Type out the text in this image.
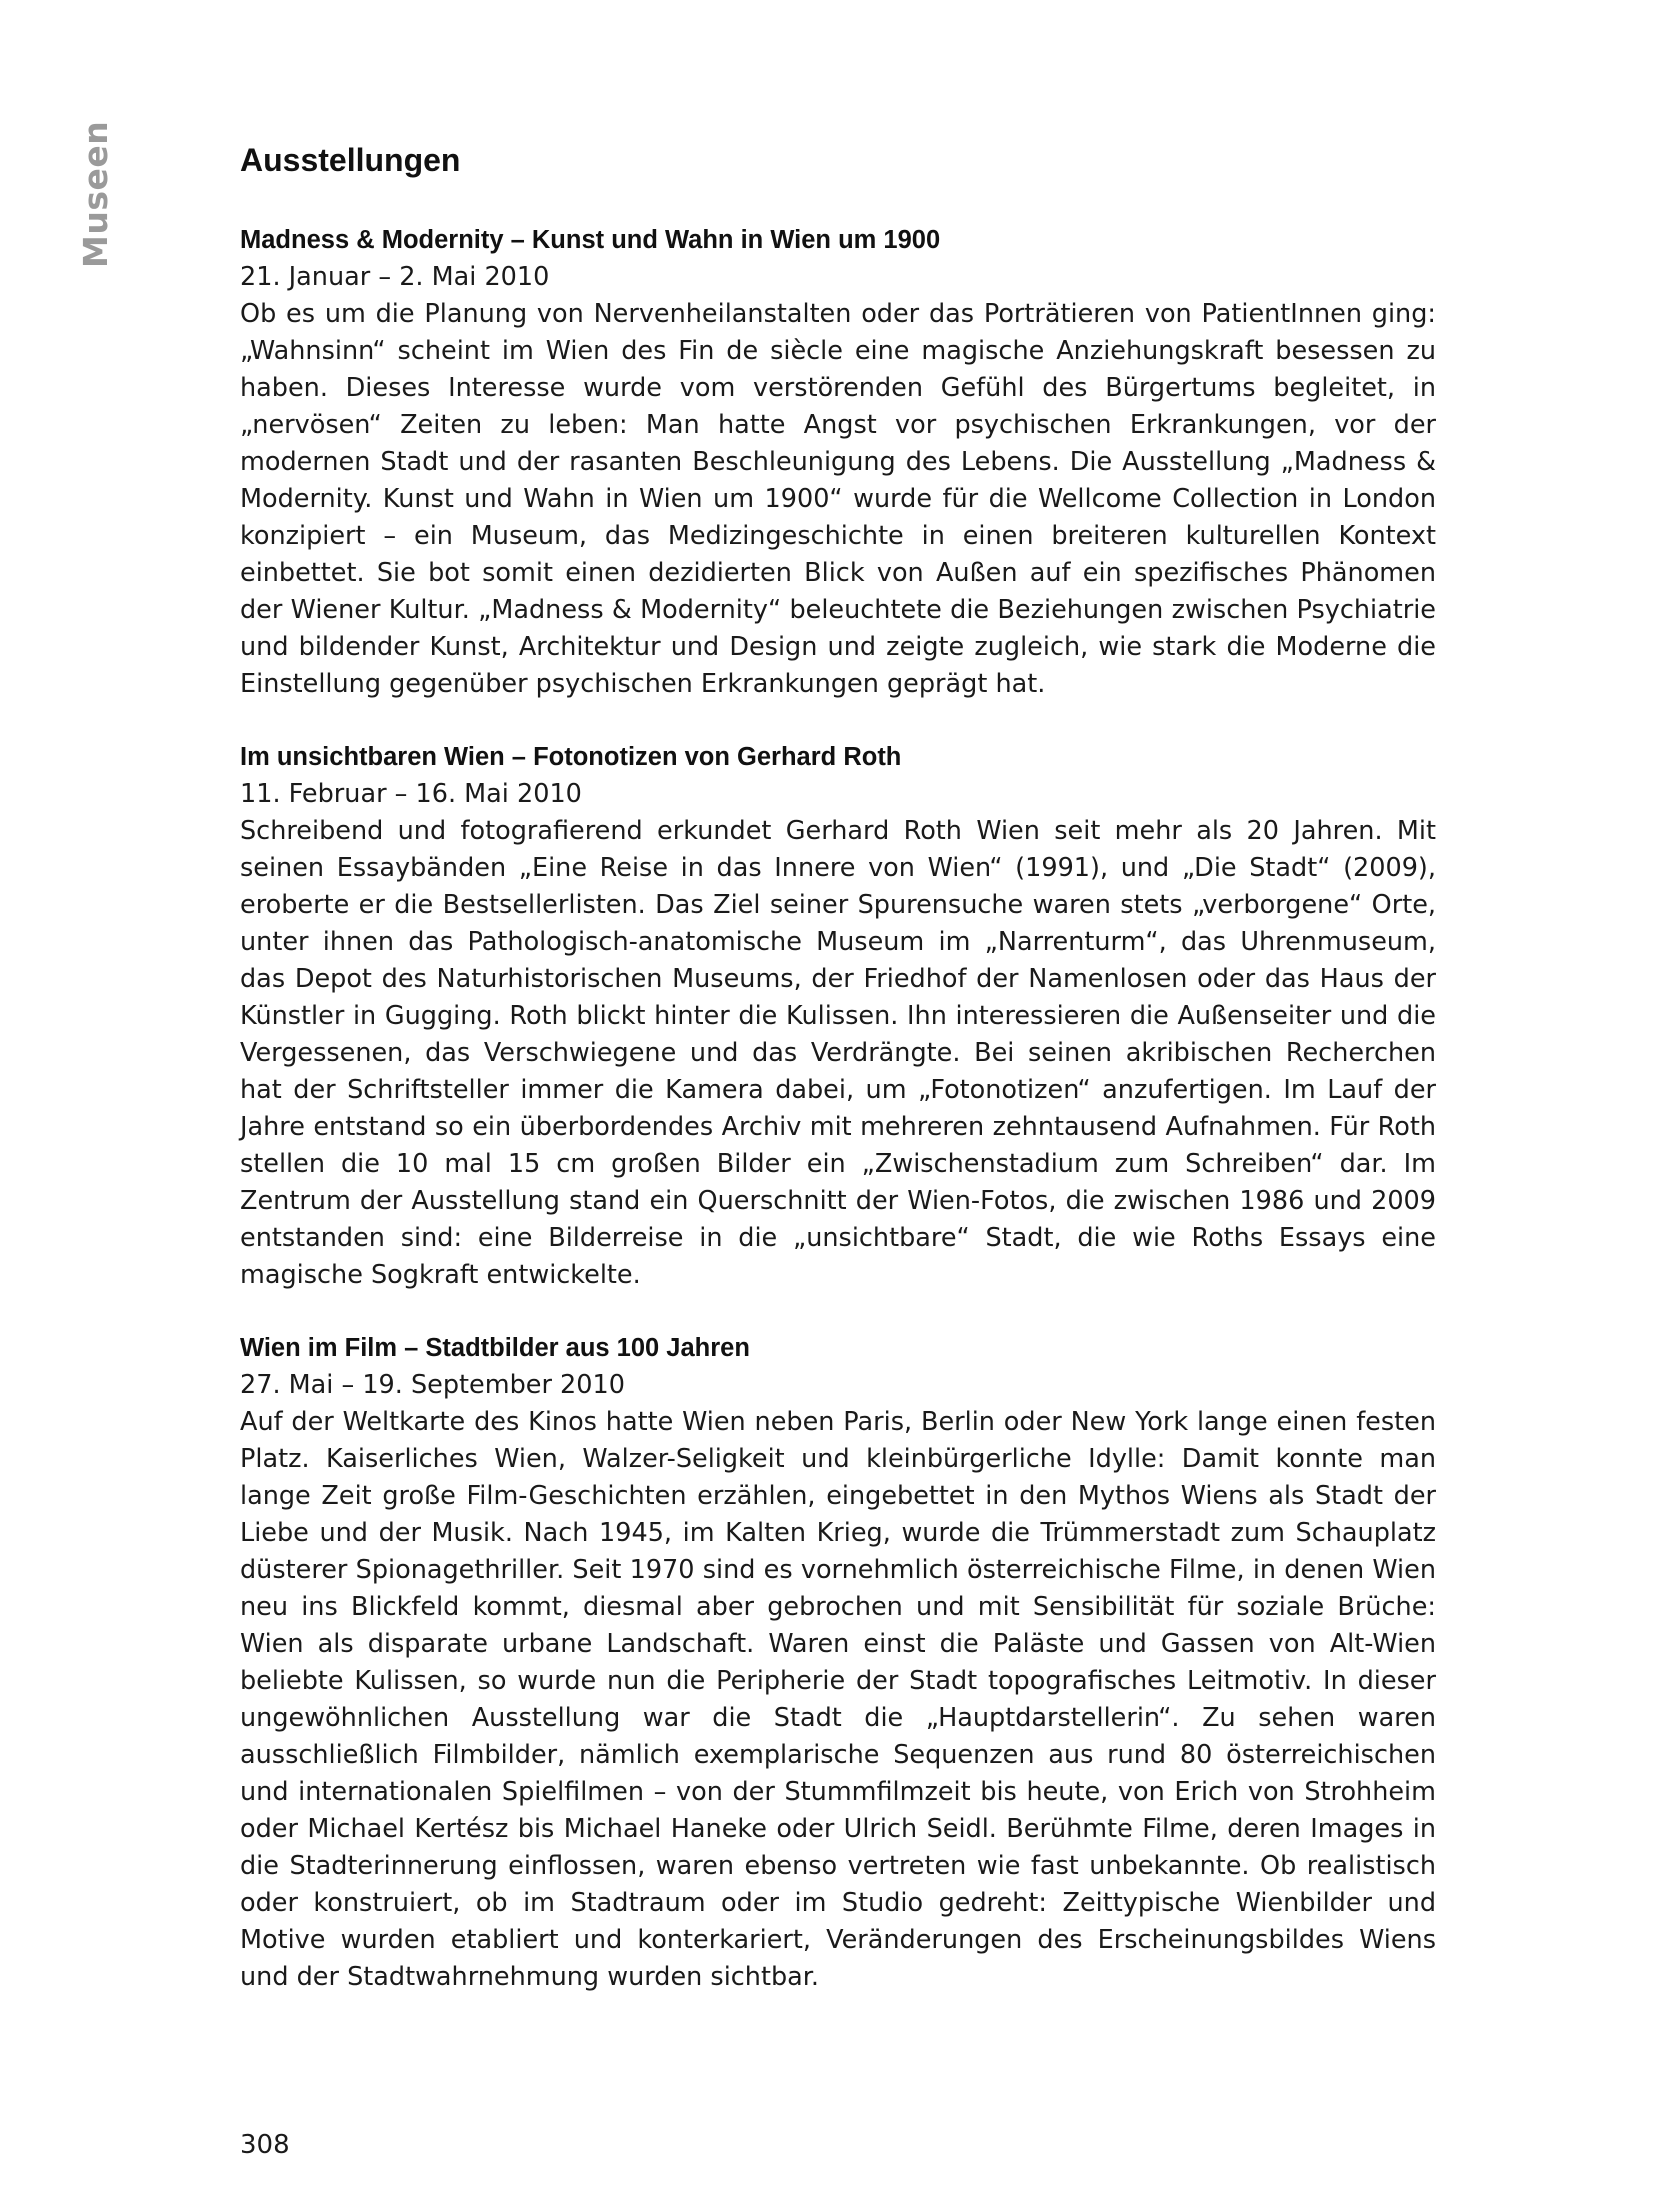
Museen	Ausstellungen
Madness & Modernity – Kunst und Wahn in Wien um 1900

21. Januar – 2. Mai 2010

Ob es um die Planung von Nervenheilanstalten oder das Porträtieren von PatientInnen ging: „Wahnsinn“ scheint im Wien des Fin de siècle eine magische Anziehungskraft besessen zu haben. Dieses Interesse wurde vom verstörenden Gefühl des Bürgertums begleitet, in „nervösen“ Zeiten zu leben: Man hatte Angst vor psychischen Erkrankungen, vor der modernen Stadt und der rasanten Beschleunigung des Lebens. Die Ausstellung „Madness & Modernity. Kunst und Wahn in Wien um 1900“ wurde für die Wellcome Collection in London konzipiert – ein Museum, das Medizingeschichte in einen breiteren kulturellen Kontext einbettet. Sie bot somit einen dezidierten Blick von Außen auf ein spezifisches Phänomen der Wiener Kultur. „Madness & Modernity“ beleuchtete die Beziehungen zwischen Psychiatrie und bildender Kunst, Architektur und Design und zeigte zugleich, wie stark die Moderne die Einstellung gegenüber psychischen Erkrankungen geprägt hat.

Im unsichtbaren Wien – Fotonotizen von Gerhard Roth

11. Februar – 16. Mai 2010

Schreibend und fotografierend erkundet Gerhard Roth Wien seit mehr als 20 Jahren. Mit seinen Essaybänden „Eine Reise in das Innere von Wien“ (1991), und „Die Stadt“ (2009), eroberte er die Bestsellerlisten. Das Ziel seiner Spurensuche waren stets „verborgene“ Orte, unter ihnen das Pathologisch-anatomische Museum im „Narrenturm“, das Uhrenmuseum, das Depot des Naturhistorischen Museums, der Friedhof der Namenlosen oder das Haus der Künstler in Gugging. Roth blickt hinter die Kulissen. Ihn interessieren die Außenseiter und die Vergessenen, das Verschwiegene und das Verdrängte. Bei seinen akribischen Recherchen hat der Schriftsteller immer die Kamera dabei, um „Fotonotizen“ anzufertigen. Im Lauf der Jahre entstand so ein überbordendes Archiv mit mehreren zehntausend Aufnahmen. Für Roth stellen die 10 mal 15 cm großen Bilder ein „Zwischenstadium zum Schreiben“ dar. Im Zentrum der Ausstellung stand ein Querschnitt der Wien-Fotos, die zwischen 1986 und 2009 entstanden sind: eine Bilderreise in die „unsichtbare“ Stadt, die wie Roths Essays eine magische Sogkraft entwickelte.

Wien im Film – Stadtbilder aus 100 Jahren

27. Mai – 19. September 2010

Auf der Weltkarte des Kinos hatte Wien neben Paris, Berlin oder New York lange einen festen Platz. Kaiserliches Wien, Walzer-Seligkeit und kleinbürgerliche Idylle: Damit konnte man lange Zeit große Film-Geschichten erzählen, eingebettet in den Mythos Wiens als Stadt der Liebe und der Musik. Nach 1945, im Kalten Krieg, wurde die Trümmerstadt zum Schauplatz düsterer Spionagethriller. Seit 1970 sind es vornehmlich österreichische Filme, in denen Wien neu ins Blickfeld kommt, diesmal aber gebrochen und mit Sensibilität für soziale Brüche: Wien als disparate urbane Landschaft. Waren einst die Paläste und Gassen von Alt-Wien beliebte Kulissen, so wurde nun die Peripherie der Stadt topografisches Leitmotiv. In dieser ungewöhnlichen Ausstellung war die Stadt die „Hauptdarstellerin“. Zu sehen waren ausschließlich Filmbilder, nämlich exemplarische Sequenzen aus rund 80 österreichischen und internationalen Spielfilmen – von der Stummfilmzeit bis heute, von Erich von Strohheim oder Michael Kertész bis Michael Haneke oder Ulrich Seidl. Berühmte Filme, deren Images in die Stadterinnerung einflossen, waren ebenso vertreten wie fast unbekannte. Ob realistisch oder konstruiert, ob im Stadtraum oder im Studio gedreht: Zeittypische Wienbilder und Motive wurden etabliert und konterkariert, Veränderungen des Erscheinungsbildes Wiens und der Stadtwahrnehmung wurden sichtbar.

308
